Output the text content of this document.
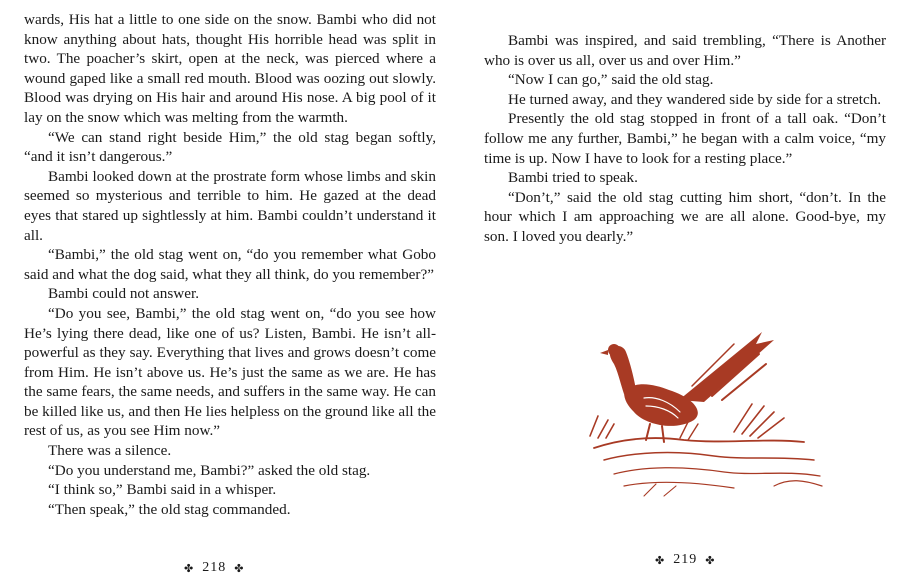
wards, His hat a little to one side on the snow. Bambi who did not know anything about hats, thought His horrible head was split in two. The poacher’s skirt, open at the neck, was pierced where a wound gaped like a small red mouth. Blood was oozing out slowly. Blood was drying on His hair and around His nose. A big pool of it lay on the snow which was melting from the warmth.

“We can stand right beside Him,” the old stag began softly, “and it isn’t dangerous.”

Bambi looked down at the prostrate form whose limbs and skin seemed so mysterious and terrible to him. He gazed at the dead eyes that stared up sightlessly at him. Bambi couldn’t understand it all.

“Bambi,” the old stag went on, “do you remember what Gobo said and what the dog said, what they all think, do you remember?”

Bambi could not answer.

“Do you see, Bambi,” the old stag went on, “do you see how He’s lying there dead, like one of us? Listen, Bambi. He isn’t all-powerful as they say. Everything that lives and grows doesn’t come from Him. He isn’t above us. He’s just the same as we are. He has the same fears, the same needs, and suffers in the same way. He can be killed like us, and then He lies helpless on the ground like all the rest of us, as you see Him now.”

There was a silence.

“Do you understand me, Bambi?” asked the old stag.

“I think so,” Bambi said in a whisper.

“Then speak,” the old stag commanded.

✤ 218 ✤

Bambi was inspired, and said trembling, “There is Another who is over us all, over us and over Him.”

“Now I can go,” said the old stag.

He turned away, and they wandered side by side for a stretch.

Presently the old stag stopped in front of a tall oak. “Don’t follow me any further, Bambi,” he began with a calm voice, “my time is up. Now I have to look for a resting place.”

Bambi tried to speak.

“Don’t,” said the old stag cutting him short, “don’t. In the hour which I am approaching we are all alone. Good-bye, my son. I loved you dearly.”

✤ 219 ✤
